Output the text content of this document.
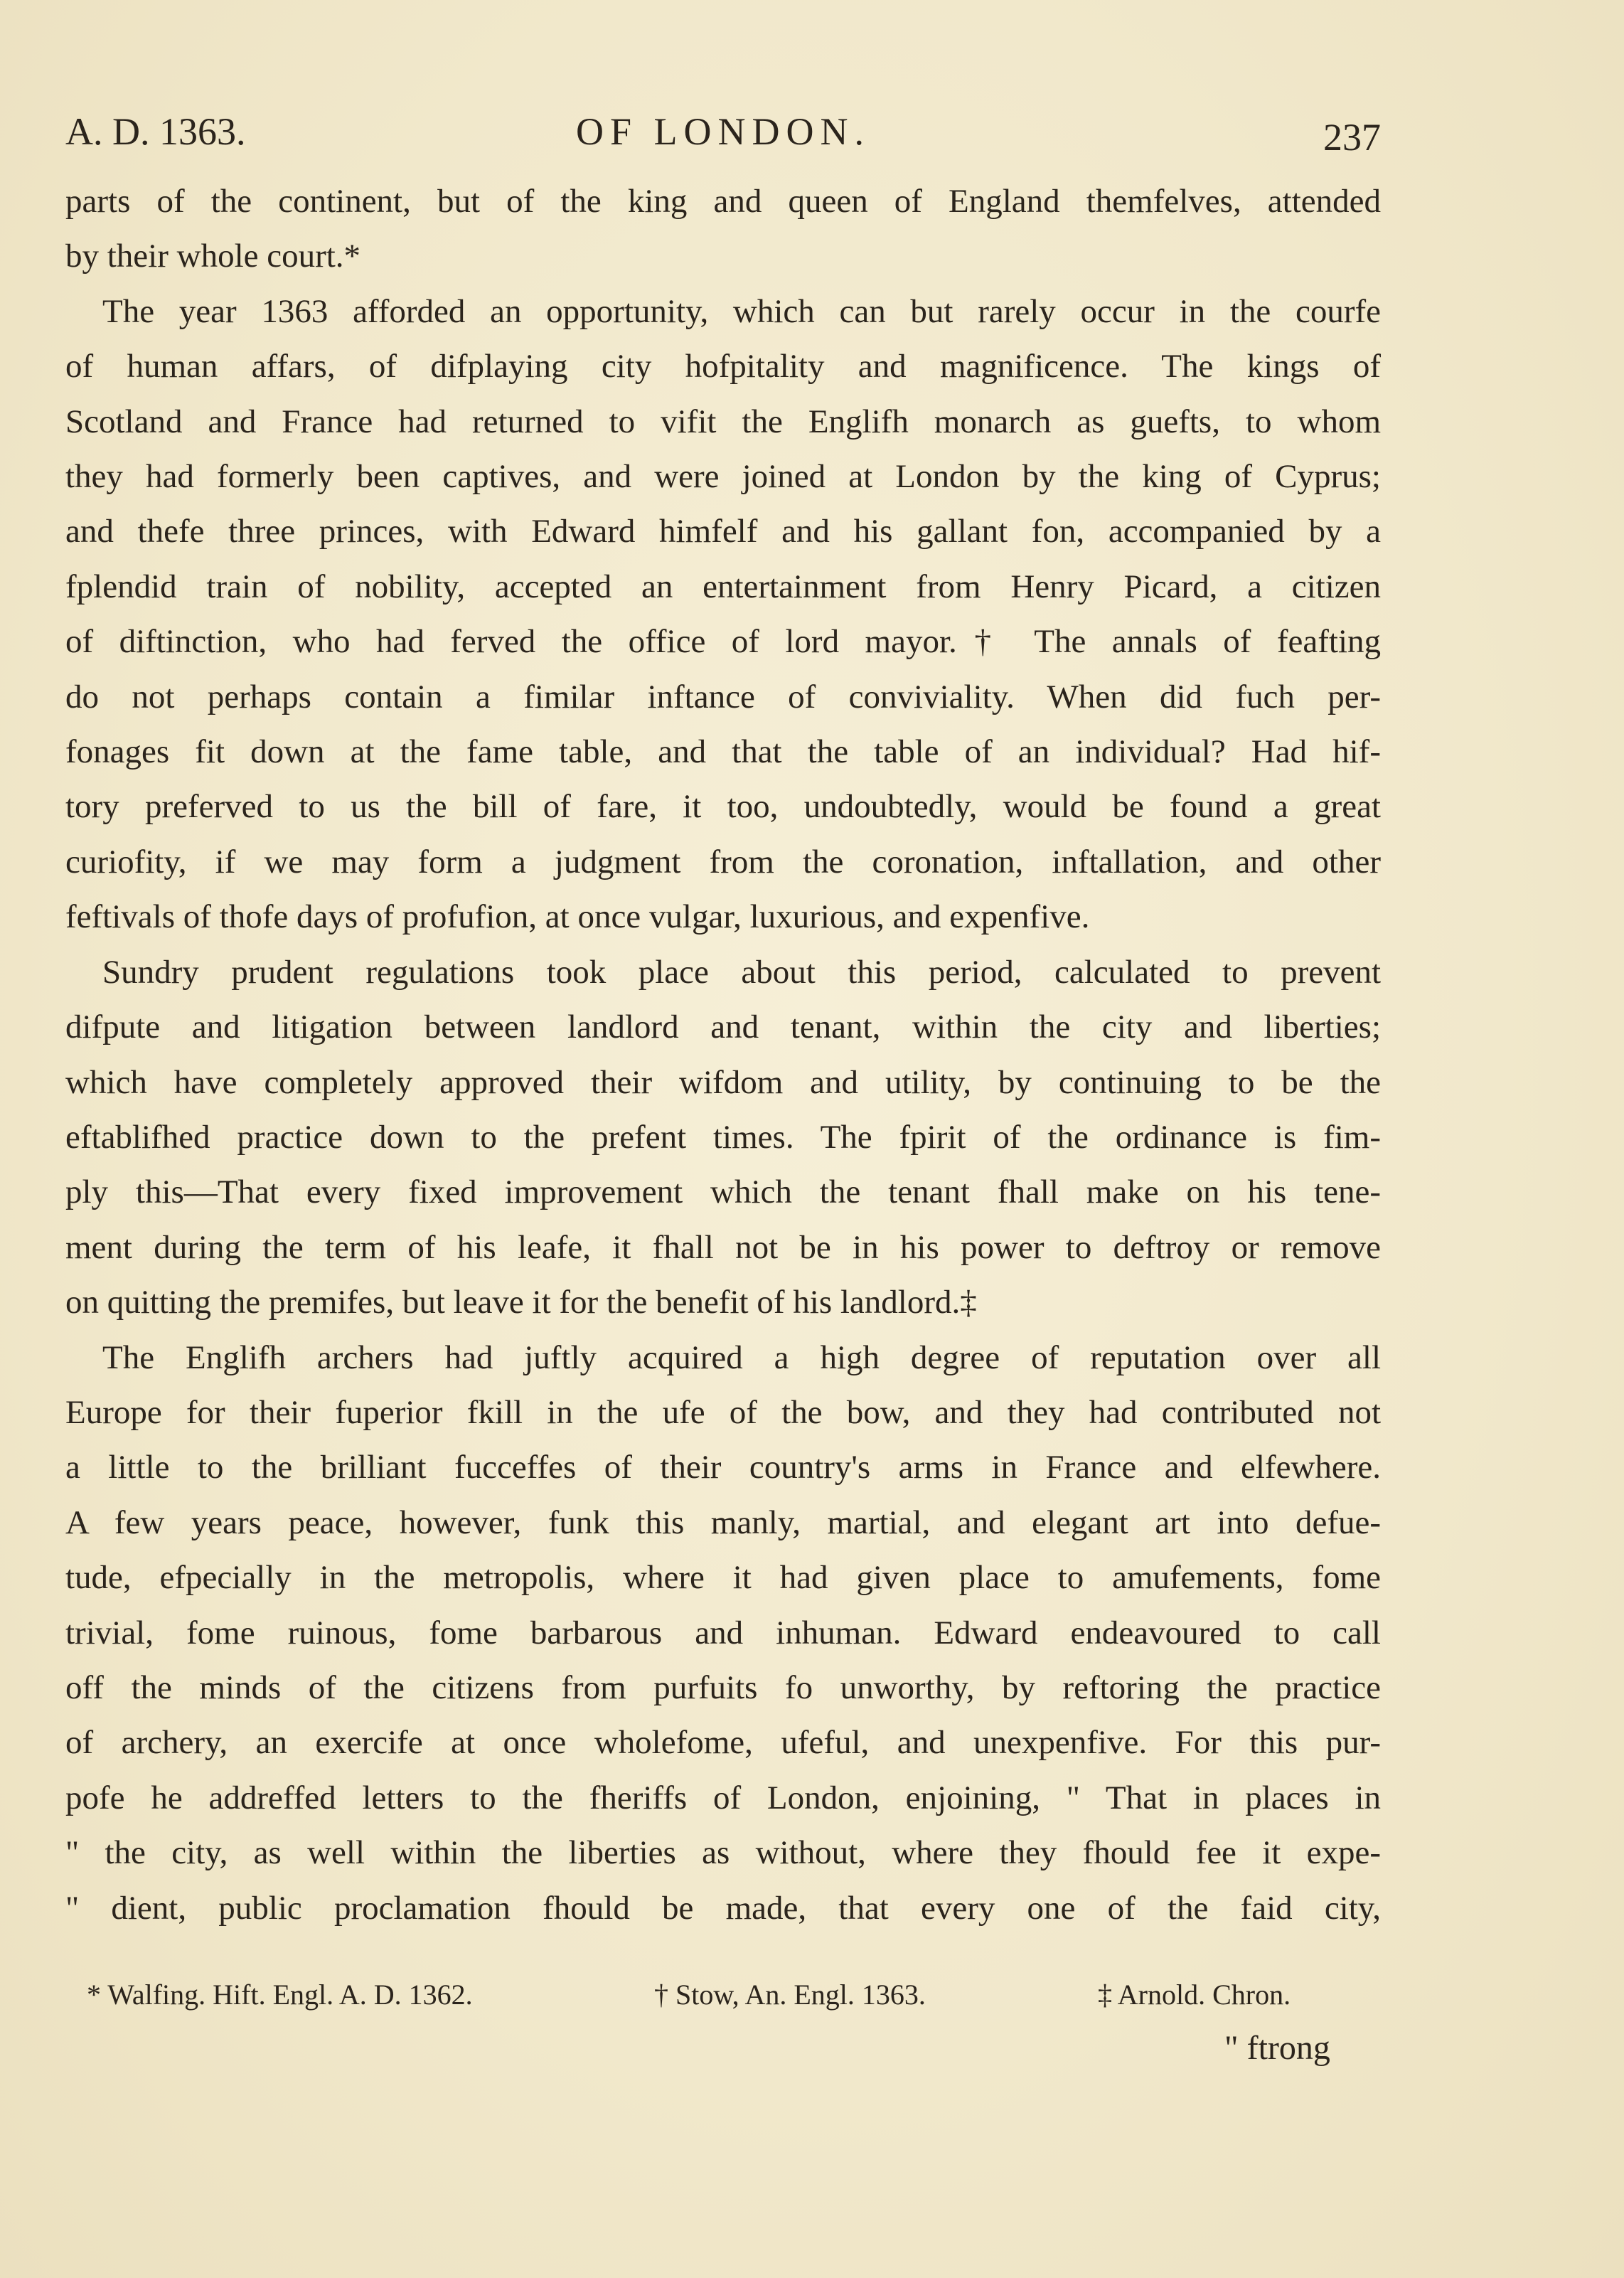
A. D. 1363.	OF LONDON.	237
parts of the continent, but of the king and queen of England themfelves, attended
by their whole court.*
The year 1363 afforded an opportunity, which can but rarely occur in the courfe
of human affars, of difplaying city hofpitality and magnificence. The kings of
Scotland and France had returned to vifit the Englifh monarch as guefts, to whom
they had formerly been captives, and were joined at London by the king of Cyprus;
and thefe three princes, with Edward himfelf and his gallant fon, accompanied by a
fplendid train of nobility, accepted an entertainment from Henry Picard, a citizen
of diftinction, who had ferved the office of lord mayor.† The annals of feafting
do not perhaps contain a fimilar inftance of conviviality. When did fuch per-
fonages fit down at the fame table, and that the table of an individual? Had hif-
tory preferved to us the bill of fare, it too, undoubtedly, would be found a great
curiofity, if we may form a judgment from the coronation, inftallation, and other
feftivals of thofe days of profufion, at once vulgar, luxurious, and expenfive.
Sundry prudent regulations took place about this period, calculated to prevent
difpute and litigation between landlord and tenant, within the city and liberties;
which have completely approved their wifdom and utility, by continuing to be the
eftablifhed practice down to the prefent times. The fpirit of the ordinance is fim-
ply this—That every fixed improvement which the tenant fhall make on his tene-
ment during the term of his leafe, it fhall not be in his power to deftroy or remove
on quitting the premifes, but leave it for the benefit of his landlord.‡
The Englifh archers had juftly acquired a high degree of reputation over all
Europe for their fuperior fkill in the ufe of the bow, and they had contributed not
a little to the brilliant fucceffes of their country's arms in France and elfewhere.
A few years peace, however, funk this manly, martial, and elegant art into defue-
tude, efpecially in the metropolis, where it had given place to amufements, fome
trivial, fome ruinous, fome barbarous and inhuman. Edward endeavoured to call
off the minds of the citizens from purfuits fo unworthy, by reftoring the practice
of archery, an exercife at once wholefome, ufeful, and unexpenfive. For this pur-
pofe he addreffed letters to the fheriffs of London, enjoining, " That in places in
" the city, as well within the liberties as without, where they fhould fee it expe-
" dient, public proclamation fhould be made, that every one of the faid city,
* Walfing. Hift. Engl. A. D. 1362.	† Stow, An. Engl. 1363.	‡ Arnold. Chron.
" ftrong
